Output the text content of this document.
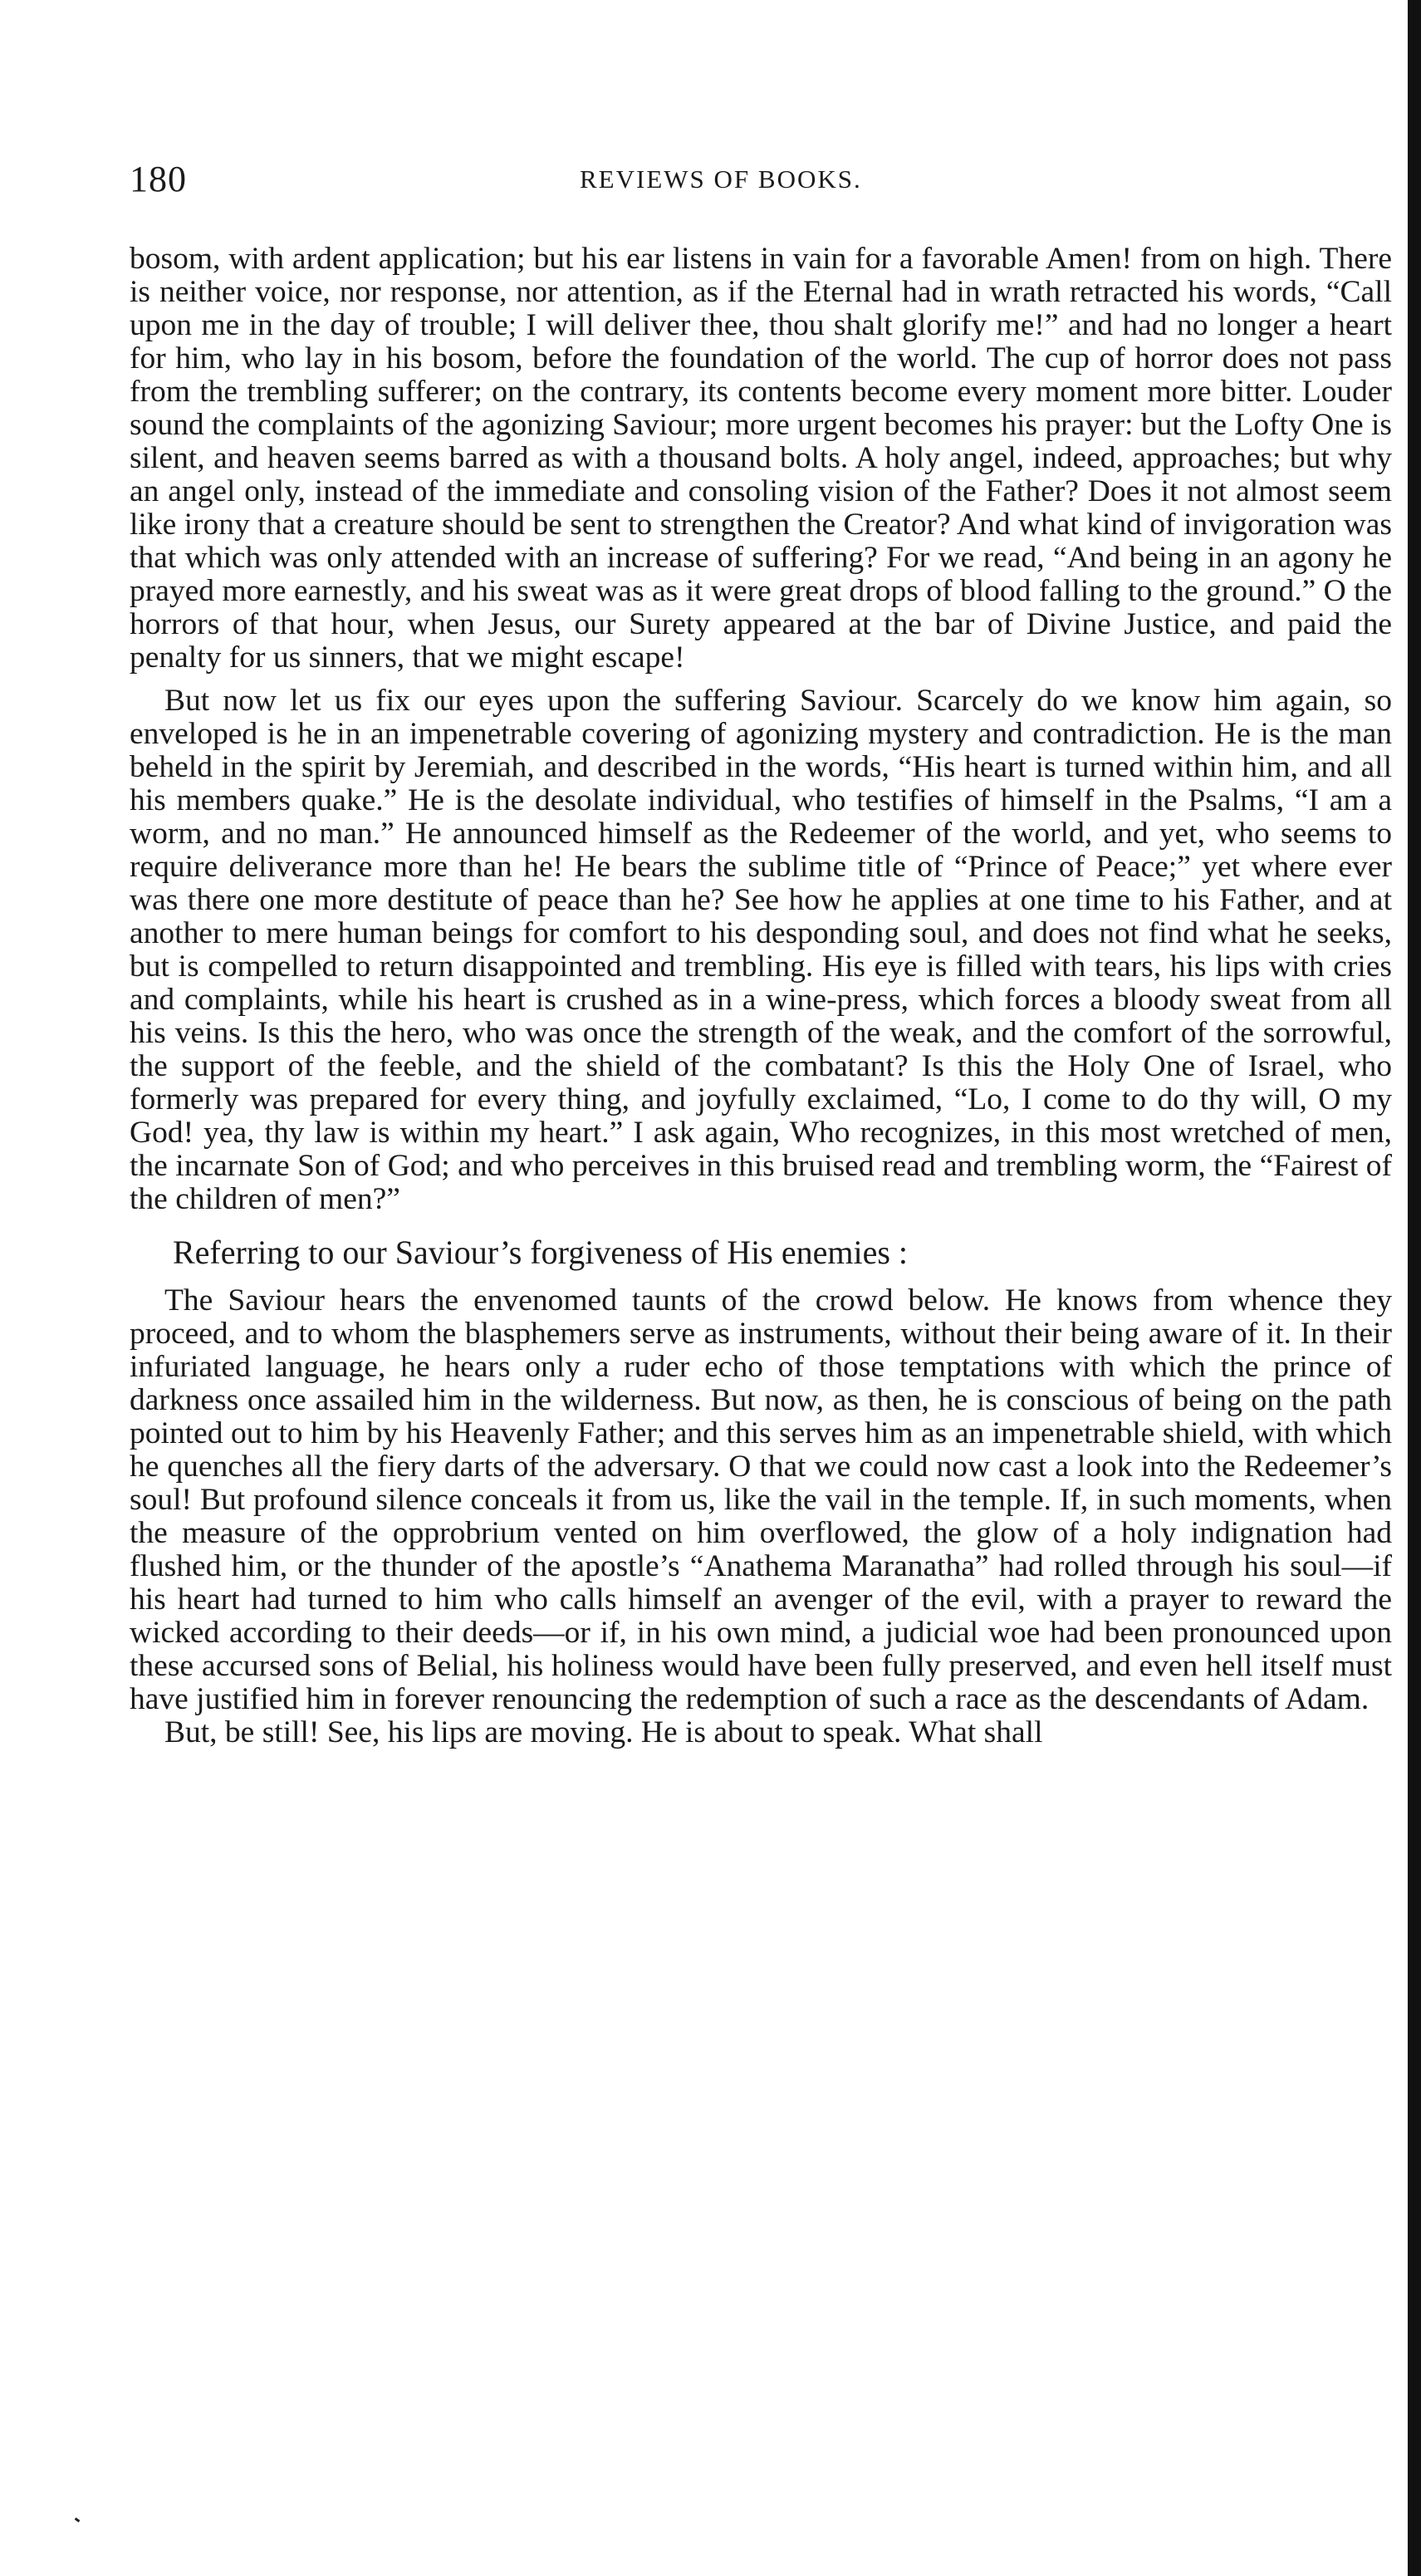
180	REVIEWS OF BOOKS.

bosom, with ardent application; but his ear listens in vain for a favorable Amen! from on high. There is neither voice, nor response, nor attention, as if the Eternal had in wrath retracted his words, “Call upon me in the day of trouble; I will deliver thee, thou shalt glorify me!” and had no longer a heart for him, who lay in his bosom, before the foundation of the world. The cup of horror does not pass from the trembling sufferer; on the contrary, its contents become every moment more bitter. Louder sound the complaints of the agonizing Saviour; more urgent becomes his prayer: but the Lofty One is silent, and heaven seems barred as with a thousand bolts. A holy angel, indeed, approaches; but why an angel only, instead of the immediate and consoling vision of the Father? Does it not almost seem like irony that a creature should be sent to strengthen the Creator? And what kind of invigoration was that which was only attended with an increase of suffering? For we read, “And being in an agony he prayed more earnestly, and his sweat was as it were great drops of blood falling to the ground.” O the horrors of that hour, when Jesus, our Surety appeared at the bar of Divine Justice, and paid the penalty for us sinners, that we might escape!

But now let us fix our eyes upon the suffering Saviour. Scarcely do we know him again, so enveloped is he in an impenetrable covering of agonizing mystery and contradiction. He is the man beheld in the spirit by Jeremiah, and described in the words, “His heart is turned within him, and all his members quake.” He is the desolate individual, who testifies of himself in the Psalms, “I am a worm, and no man.” He announced himself as the Redeemer of the world, and yet, who seems to require deliverance more than he! He bears the sublime title of “Prince of Peace;” yet where ever was there one more destitute of peace than he? See how he applies at one time to his Father, and at another to mere human beings for comfort to his desponding soul, and does not find what he seeks, but is compelled to return disappointed and trembling. His eye is filled with tears, his lips with cries and complaints, while his heart is crushed as in a wine-press, which forces a bloody sweat from all his veins. Is this the hero, who was once the strength of the weak, and the comfort of the sorrowful, the support of the feeble, and the shield of the combatant? Is this the Holy One of Israel, who formerly was prepared for every thing, and joyfully exclaimed, “Lo, I come to do thy will, O my God! yea, thy law is within my heart.” I ask again, Who recognizes, in this most wretched of men, the incarnate Son of God; and who perceives in this bruised read and trembling worm, the “Fairest of the children of men?”

Referring to our Saviour’s forgiveness of His enemies :

The Saviour hears the envenomed taunts of the crowd below. He knows from whence they proceed, and to whom the blasphemers serve as instruments, without their being aware of it. In their infuriated language, he hears only a ruder echo of those temptations with which the prince of darkness once assailed him in the wilderness. But now, as then, he is conscious of being on the path pointed out to him by his Heavenly Father; and this serves him as an impenetrable shield, with which he quenches all the fiery darts of the adversary. O that we could now cast a look into the Redeemer’s soul! But profound silence conceals it from us, like the vail in the temple. If, in such moments, when the measure of the opprobrium vented on him overflowed, the glow of a holy indignation had flushed him, or the thunder of the apostle’s “Anathema Maranatha” had rolled through his soul—if his heart had turned to him who calls himself an avenger of the evil, with a prayer to reward the wicked according to their deeds—or if, in his own mind, a judicial woe had been pronounced upon these accursed sons of Belial, his holiness would have been fully preserved, and even hell itself must have justified him in forever renouncing the redemption of such a race as the descendants of Adam.

But, be still! See, his lips are moving. He is about to speak. What shall
